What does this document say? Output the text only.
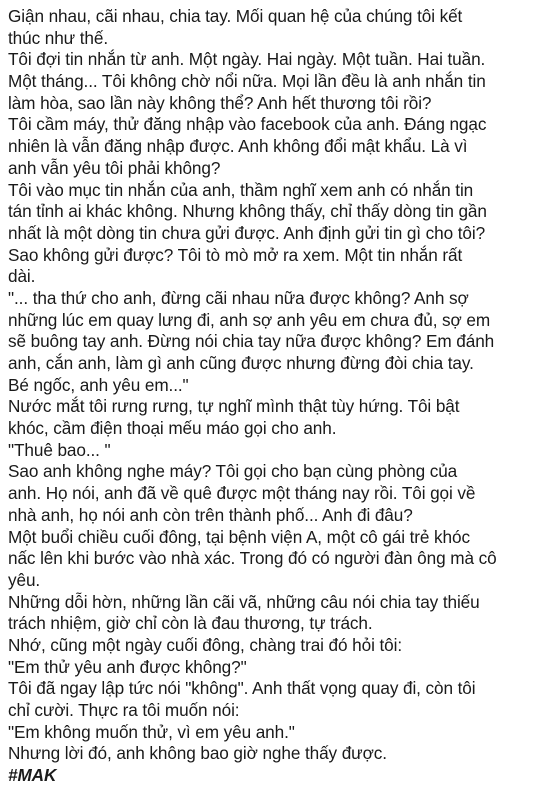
Giận nhau, cãi nhau, chia tay. Mối quan hệ của chúng tôi kết
thúc như thế.
Tôi đợi tin nhắn từ anh. Một ngày. Hai ngày. Một tuần. Hai tuần.
Một tháng... Tôi không chờ nổi nữa. Mọi lần đều là anh nhắn tin
làm hòa, sao lần này không thể? Anh hết thương tôi rồi?
Tôi cầm máy, thử đăng nhập vào facebook của anh. Đáng ngạc
nhiên là vẫn đăng nhập được. Anh không đổi mật khẩu. Là vì
anh vẫn yêu tôi phải không?
Tôi vào mục tin nhắn của anh, thầm nghĩ xem anh có nhắn tin
tán tỉnh ai khác không. Nhưng không thấy, chỉ thấy dòng tin gần
nhất là một dòng tin chưa gửi được. Anh định gửi tin gì cho tôi?
Sao không gửi được? Tôi tò mò mở ra xem. Một tin nhắn rất
dài.
"... tha thứ cho anh, đừng cãi nhau nữa được không? Anh sợ
những lúc em quay lưng đi, anh sợ anh yêu em chưa đủ, sợ em
sẽ buông tay anh. Đừng nói chia tay nữa được không? Em đánh
anh, cắn anh, làm gì anh cũng được nhưng đừng đòi chia tay.
Bé ngốc, anh yêu em..."
Nước mắt tôi rưng rưng, tự nghĩ mình thật tùy hứng. Tôi bật
khóc, cầm điện thoại mếu máo gọi cho anh.
"Thuê bao... "
Sao anh không nghe máy? Tôi gọi cho bạn cùng phòng của
anh. Họ nói, anh đã về quê được một tháng nay rồi. Tôi gọi về
nhà anh, họ nói anh còn trên thành phố... Anh đi đâu?
Một buổi chiều cuối đông, tại bệnh viện A, một cô gái trẻ khóc
nấc lên khi bước vào nhà xác. Trong đó có người đàn ông mà cô
yêu.
Những dỗi hờn, những lần cãi vã, những câu nói chia tay thiếu
trách nhiệm, giờ chỉ còn là đau thương, tự trách.
Nhớ, cũng một ngày cuối đông, chàng trai đó hỏi tôi:
"Em thử yêu anh được không?"
Tôi đã ngay lập tức nói "không". Anh thất vọng quay đi, còn tôi
chỉ cười. Thực ra tôi muốn nói:
"Em không muốn thử, vì em yêu anh."
Nhưng lời đó, anh không bao giờ nghe thấy được.
#MAK
